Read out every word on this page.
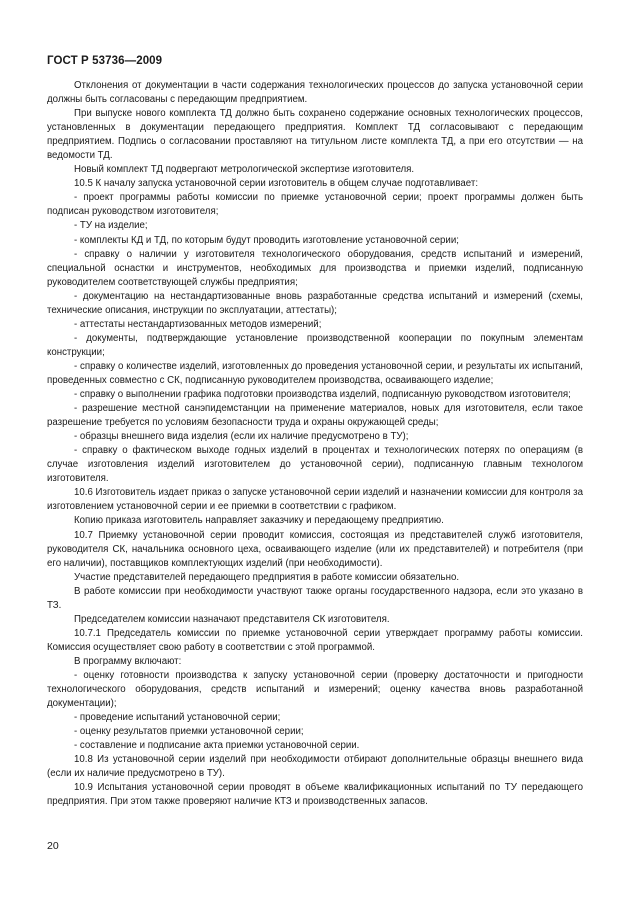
ГОСТ Р 53736—2009

Отклонения от документации в части содержания технологических процессов до запуска установочной серии должны быть согласованы с передающим предприятием.

При выпуске нового комплекта ТД должно быть сохранено содержание основных технологических процессов, установленных в документации передающего предприятия. Комплект ТД согласовывают с передающим предприятием. Подпись о согласовании проставляют на титульном листе комплекта ТД, а при его отсутствии — на ведомости ТД.

Новый комплект ТД подвергают метрологической экспертизе изготовителя.

10.5 К началу запуска установочной серии изготовитель в общем случае подготавливает:

- проект программы работы комиссии по приемке установочной серии; проект программы должен быть подписан руководством изготовителя;

- ТУ на изделие;

- комплекты КД и ТД, по которым будут проводить изготовление установочной серии;

- справку о наличии у изготовителя технологического оборудования, средств испытаний и измерений, специальной оснастки и инструментов, необходимых для производства и приемки изделий, подписанную руководителем соответствующей службы предприятия;

- документацию на нестандартизованные вновь разработанные средства испытаний и измерений (схемы, технические описания, инструкции по эксплуатации, аттестаты);

- аттестаты нестандартизованных методов измерений;

- документы, подтверждающие установление производственной кооперации по покупным элементам конструкции;

- справку о количестве изделий, изготовленных до проведения установочной серии, и результаты их испытаний, проведенных совместно с СК, подписанную руководителем производства, осваивающего изделие;

- справку о выполнении графика подготовки производства изделий, подписанную руководством изготовителя;

- разрешение местной санэпидемстанции на применение материалов, новых для изготовителя, если такое разрешение требуется по условиям безопасности труда и охраны окружающей среды;

- образцы внешнего вида изделия (если их наличие предусмотрено в ТУ);

- справку о фактическом выходе годных изделий в процентах и технологических потерях по операциям (в случае изготовления изделий изготовителем до установочной серии), подписанную главным технологом изготовителя.

10.6 Изготовитель издает приказ о запуске установочной серии изделий и назначении комиссии для контроля за изготовлением установочной серии и ее приемки в соответствии с графиком.

Копию приказа изготовитель направляет заказчику и передающему предприятию.

10.7 Приемку установочной серии проводит комиссия, состоящая из представителей служб изготовителя, руководителя СК, начальника основного цеха, осваивающего изделие (или их представителей) и потребителя (при его наличии), поставщиков комплектующих изделий (при необходимости).

Участие представителей передающего предприятия в работе комиссии обязательно.

В работе комиссии при необходимости участвуют также органы государственного надзора, если это указано в ТЗ.

Председателем комиссии назначают представителя СК изготовителя.

10.7.1 Председатель комиссии по приемке установочной серии утверждает программу работы комиссии. Комиссия осуществляет свою работу в соответствии с этой программой.

В программу включают:

- оценку готовности производства к запуску установочной серии (проверку достаточности и пригодности технологического оборудования, средств испытаний и измерений; оценку качества вновь разработанной документации);

- проведение испытаний установочной серии;

- оценку результатов приемки установочной серии;

- составление и подписание акта приемки установочной серии.

10.8 Из установочной серии изделий при необходимости отбирают дополнительные образцы внешнего вида (если их наличие предусмотрено в ТУ).

10.9 Испытания установочной серии проводят в объеме квалификационных испытаний по ТУ передающего предприятия. При этом также проверяют наличие КТЗ и производственных запасов.

20
